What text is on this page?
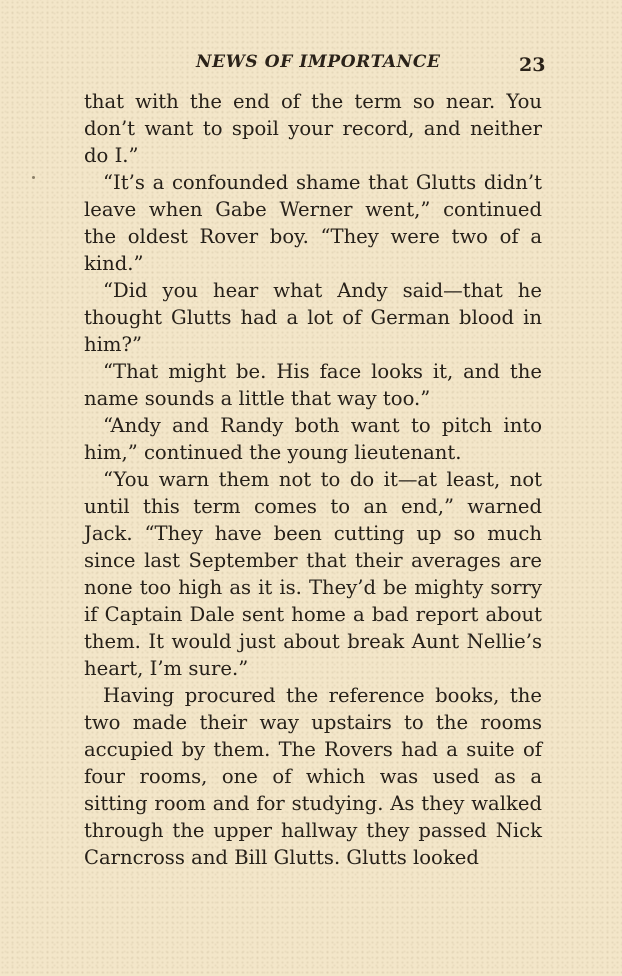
NEWS OF IMPORTANCE	23

that with the end of the term so near. You don’t want to spoil your record, and neither do I.”

“It’s a confounded shame that Glutts didn’t leave when Gabe Werner went,” continued the oldest Rover boy. “They were two of a kind.”

“Did you hear what Andy said—that he thought Glutts had a lot of German blood in him?”

“That might be. His face looks it, and the name sounds a little that way too.”

“Andy and Randy both want to pitch into him,” continued the young lieutenant.

“You warn them not to do it—at least, not until this term comes to an end,” warned Jack. “They have been cutting up so much since last September that their averages are none too high as it is. They’d be mighty sorry if Captain Dale sent home a bad report about them. It would just about break Aunt Nellie’s heart, I’m sure.”

Having procured the reference books, the two made their way upstairs to the rooms accupied by them. The Rovers had a suite of four rooms, one of which was used as a sitting room and for studying. As they walked through the upper hallway they passed Nick Carncross and Bill Glutts. Glutts looked
